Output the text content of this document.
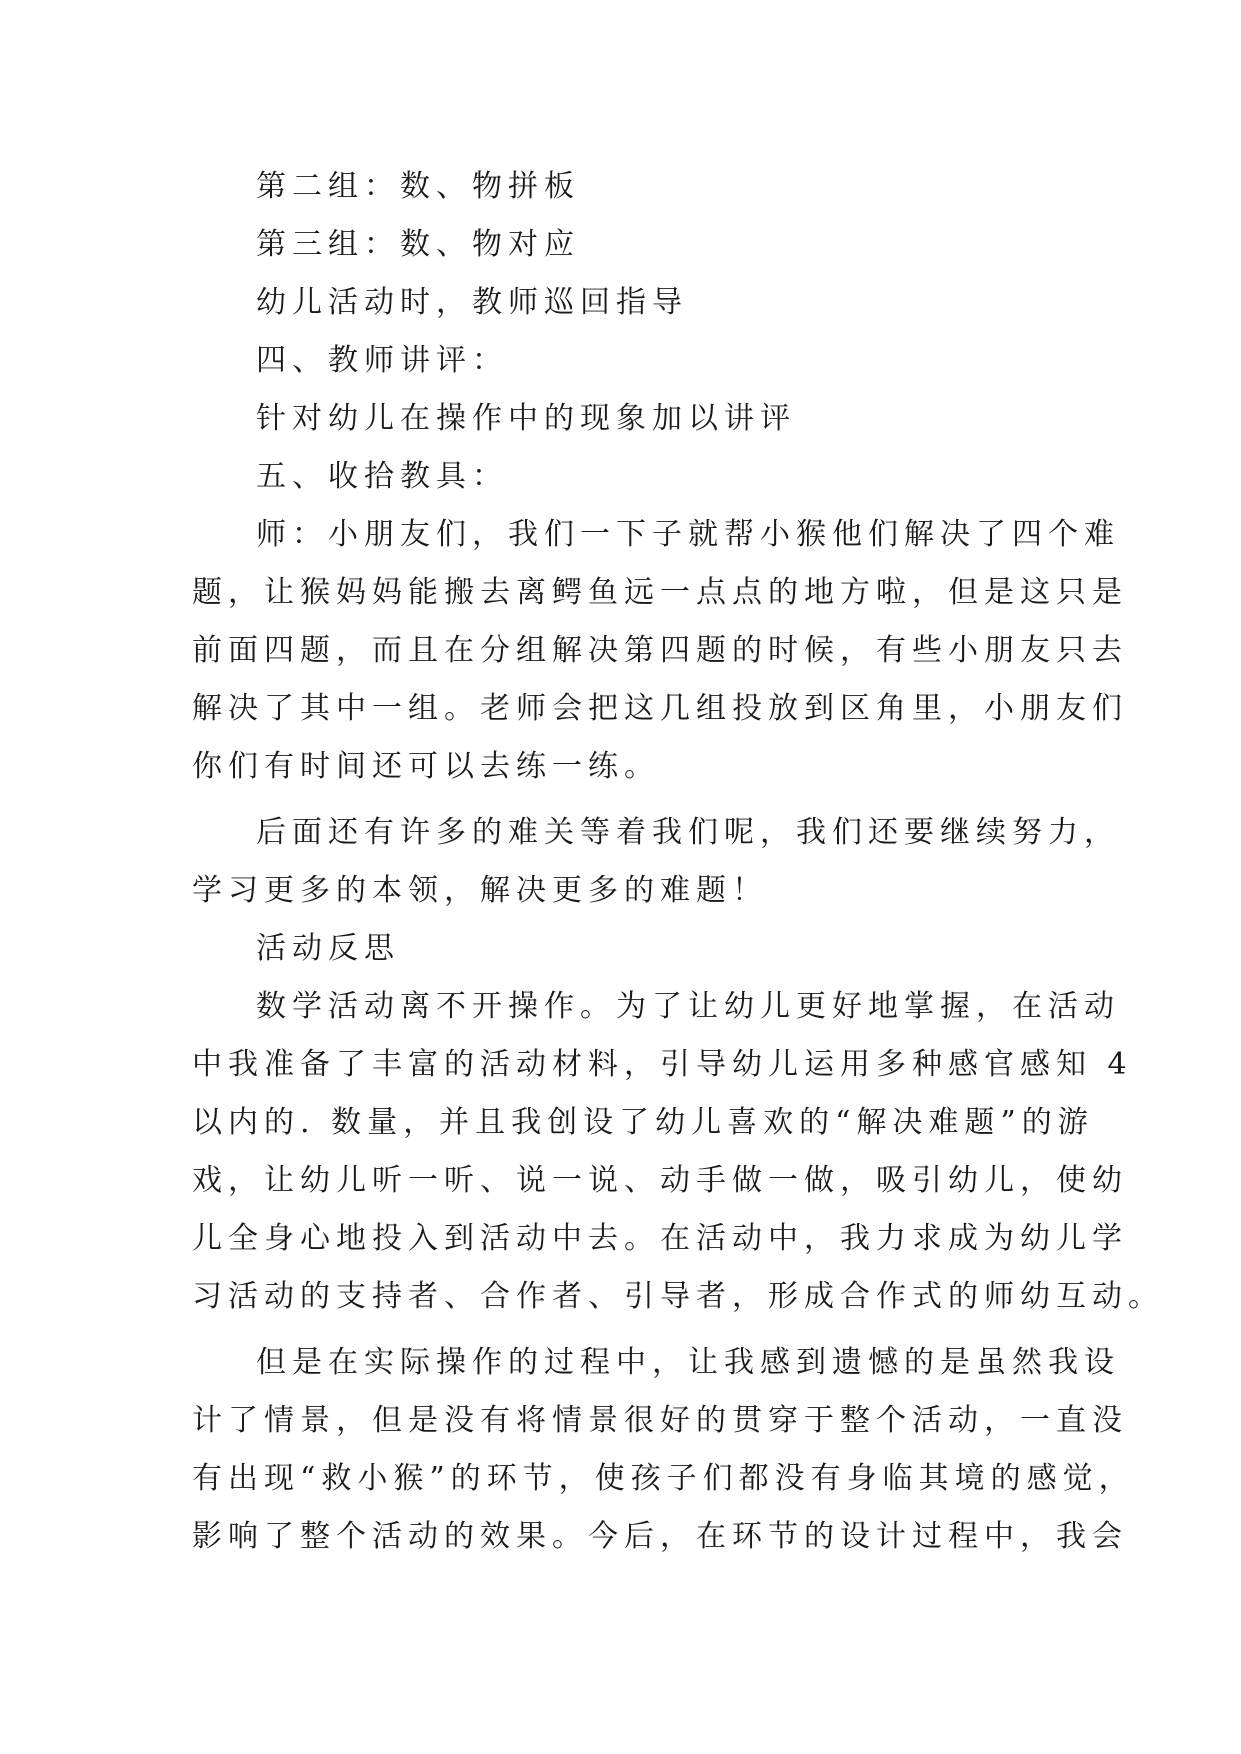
第二组：数、物拼板
第三组：数、物对应
幼儿活动时，教师巡回指导
四、教师讲评：
针对幼儿在操作中的现象加以讲评
五、收拾教具：
师：小朋友们，我们一下子就帮小猴他们解决了四个难
题，让猴妈妈能搬去离鳄鱼远一点点的地方啦，但是这只是
前面四题，而且在分组解决第四题的时候，有些小朋友只去
解决了其中一组。老师会把这几组投放到区角里，小朋友们
你们有时间还可以去练一练。
后面还有许多的难关等着我们呢，我们还要继续努力，
学习更多的本领，解决更多的难题！
活动反思
数学活动离不开操作。为了让幼儿更好地掌握，在活动
中我准备了丰富的活动材料，引导幼儿运用多种感官感知 4
以内的. 数量，并且我创设了幼儿喜欢的“解决难题”的游
戏，让幼儿听一听、说一说、动手做一做，吸引幼儿，使幼
儿全身心地投入到活动中去。在活动中，我力求成为幼儿学
习活动的支持者、合作者、引导者，形成合作式的师幼互动。
但是在实际操作的过程中，让我感到遗憾的是虽然我设
计了情景，但是没有将情景很好的贯穿于整个活动，一直没
有出现“救小猴”的环节，使孩子们都没有身临其境的感觉，
影响了整个活动的效果。今后，在环节的设计过程中，我会
